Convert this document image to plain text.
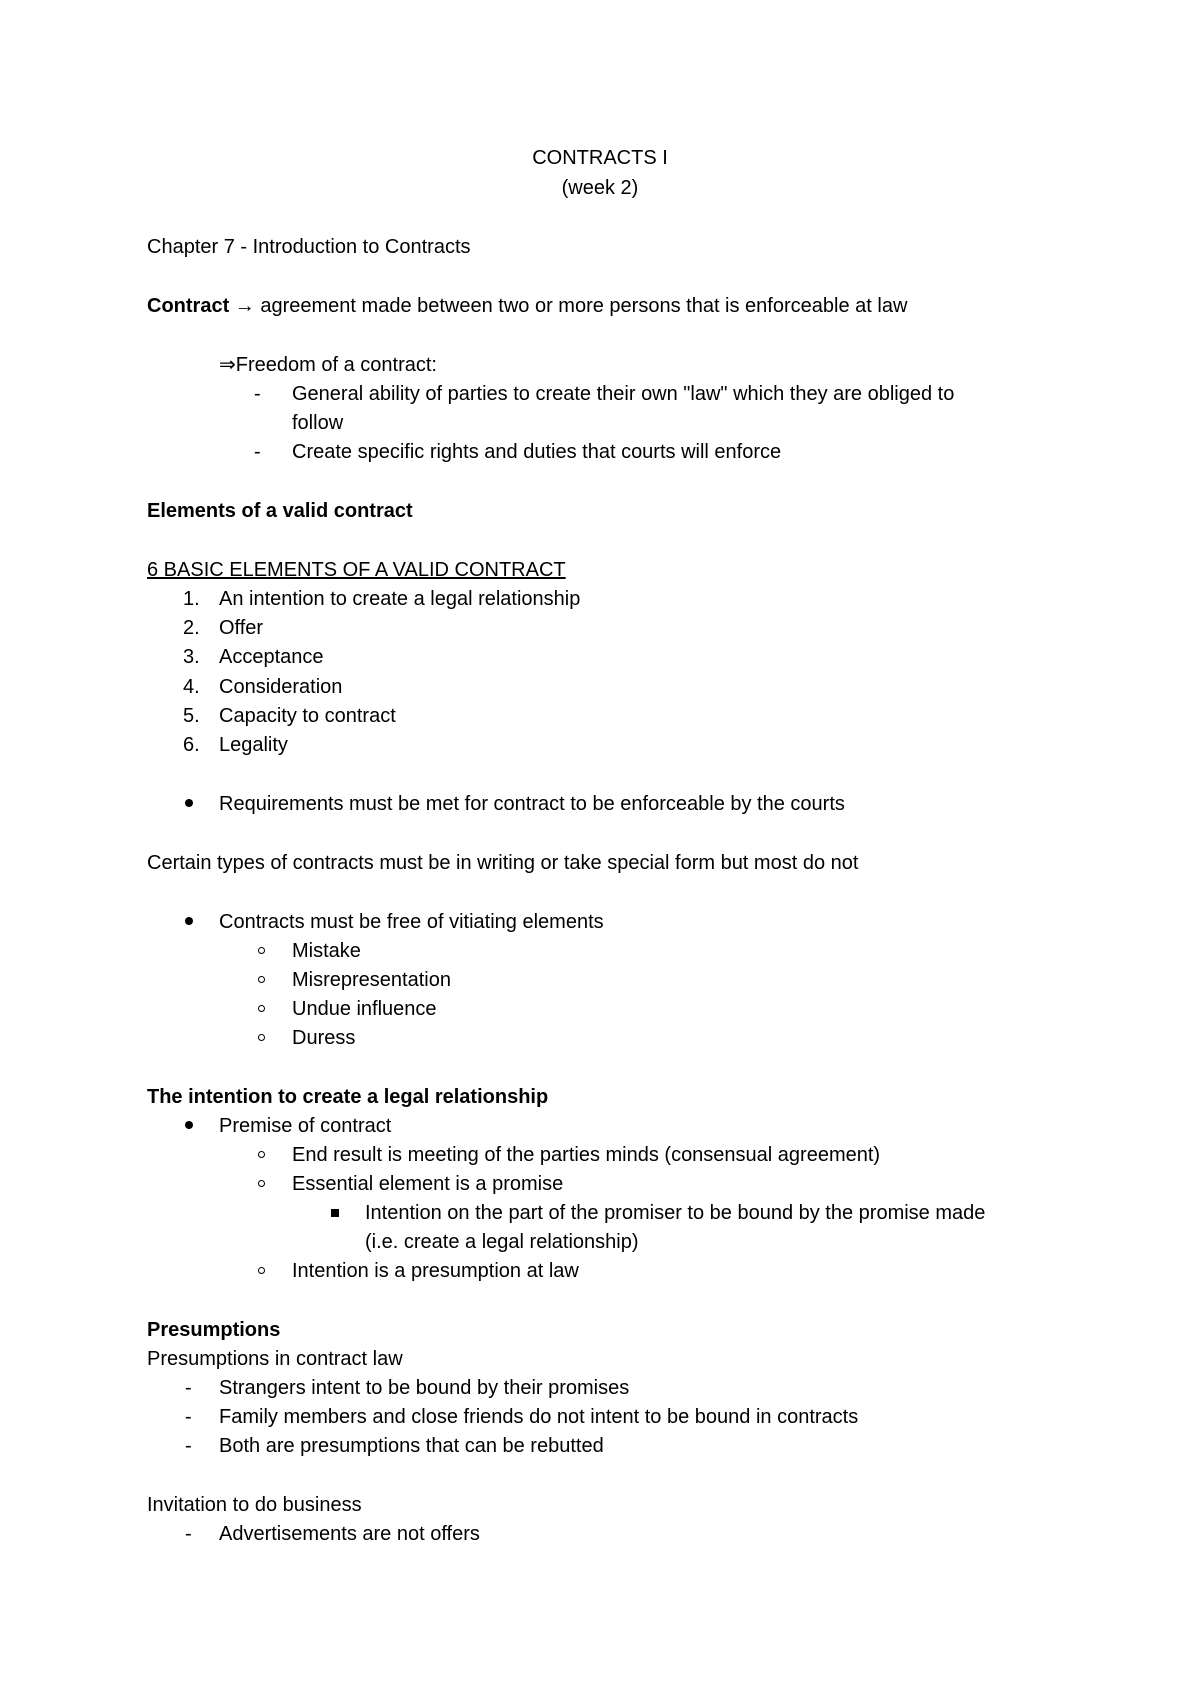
CONTRACTS I
(week 2)
Chapter 7 - Introduction to Contracts
Contract → agreement made between two or more persons that is enforceable at law
⇒Freedom of a contract:
- General ability of parties to create their own "law" which they are obliged to
follow
- Create specific rights and duties that courts will enforce
Elements of a valid contract
6 BASIC ELEMENTS OF A VALID CONTRACT
1. An intention to create a legal relationship
2. Offer
3. Acceptance
4. Consideration
5. Capacity to contract
6. Legality
Requirements must be met for contract to be enforceable by the courts
Certain types of contracts must be in writing or take special form but most do not
Contracts must be free of vitiating elements
Mistake
Misrepresentation
Undue influence
Duress
The intention to create a legal relationship
Premise of contract
End result is meeting of the parties minds (consensual agreement)
Essential element is a promise
Intention on the part of the promiser to be bound by the promise made
(i.e. create a legal relationship)
Intention is a presumption at law
Presumptions
Presumptions in contract law
- Strangers intent to be bound by their promises
- Family members and close friends do not intent to be bound in contracts
- Both are presumptions that can be rebutted
Invitation to do business
- Advertisements are not offers
